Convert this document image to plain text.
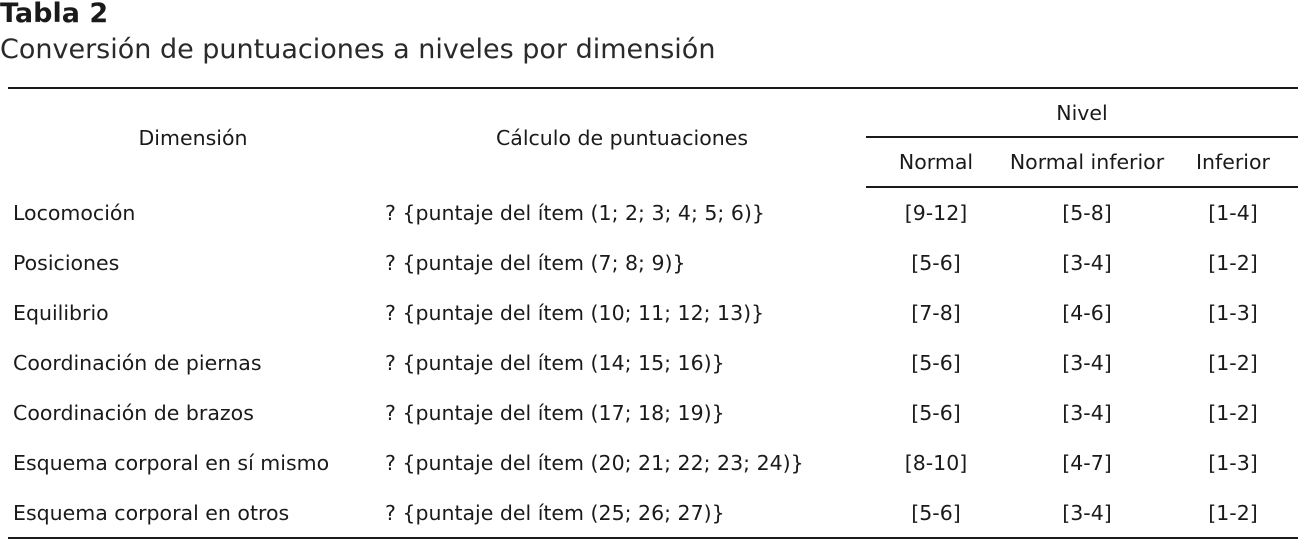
Tabla 2
Conversión de puntuaciones a niveles por dimensión
Dimensión	Cálculo de puntuaciones	Nivel		
		Normal	Normal inferior	Inferior
Locomoción	? {puntaje del ítem (1; 2; 3; 4; 5; 6)}	[9-12]	[5-8]	[1-4]
Posiciones	? {puntaje del ítem (7; 8; 9)}	[5-6]	[3-4]	[1-2]
Equilibrio	? {puntaje del ítem (10; 11; 12; 13)}	[7-8]	[4-6]	[1-3]
Coordinación de piernas	? {puntaje del ítem (14; 15; 16)}	[5-6]	[3-4]	[1-2]
Coordinación de brazos	? {puntaje del ítem (17; 18; 19)}	[5-6]	[3-4]	[1-2]
Esquema corporal en sí mismo	? {puntaje del ítem (20; 21; 22; 23; 24)}	[8-10]	[4-7]	[1-3]
Esquema corporal en otros	? {puntaje del ítem (25; 26; 27)}	[5-6]	[3-4]	[1-2]
